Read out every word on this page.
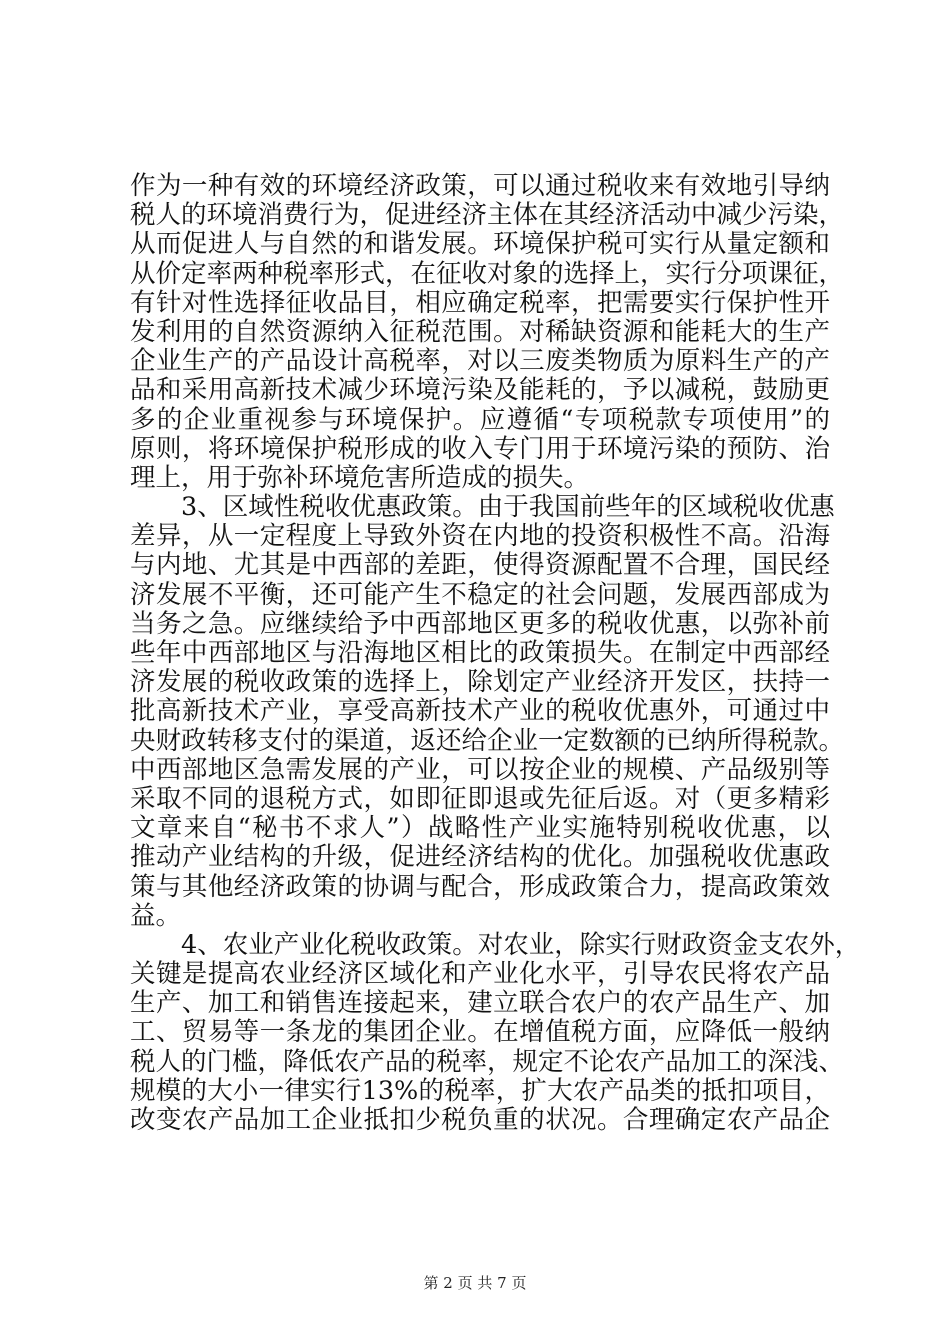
作为一种有效的环境经济政策，可以通过税收来有效地引导纳
税人的环境消费行为，促进经济主体在其经济活动中减少污染，
从而促进人与自然的和谐发展。环境保护税可实行从量定额和
从价定率两种税率形式，在征收对象的选择上，实行分项课征，
有针对性选择征收品目，相应确定税率，把需要实行保护性开
发利用的自然资源纳入征税范围。对稀缺资源和能耗大的生产
企业生产的产品设计高税率，对以三废类物质为原料生产的产
品和采用高新技术减少环境污染及能耗的，予以减税，鼓励更
多的企业重视参与环境保护。应遵循“专项税款专项使用”的
原则，将环境保护税形成的收入专门用于环境污染的预防、治
理上，用于弥补环境危害所造成的损失。
3、区域性税收优惠政策。由于我国前些年的区域税收优惠
差异，从一定程度上导致外资在内地的投资积极性不高。沿海
与内地、尤其是中西部的差距，使得资源配置不合理，国民经
济发展不平衡，还可能产生不稳定的社会问题，发展西部成为
当务之急。应继续给予中西部地区更多的税收优惠，以弥补前
些年中西部地区与沿海地区相比的政策损失。在制定中西部经
济发展的税收政策的选择上，除划定产业经济开发区，扶持一
批高新技术产业，享受高新技术产业的税收优惠外，可通过中
央财政转移支付的渠道，返还给企业一定数额的已纳所得税款。
中西部地区急需发展的产业，可以按企业的规模、产品级别等
采取不同的退税方式，如即征即退或先征后返。对（更多精彩
文章来自“秘书不求人”）战略性产业实施特别税收优惠，以
推动产业结构的升级，促进经济结构的优化。加强税收优惠政
策与其他经济政策的协调与配合，形成政策合力，提高政策效
益。
4、农业产业化税收政策。对农业，除实行财政资金支农外，
关键是提高农业经济区域化和产业化水平，引导农民将农产品
生产、加工和销售连接起来，建立联合农户的农产品生产、加
工、贸易等一条龙的集团企业。在增值税方面，应降低一般纳
税人的门槛，降低农产品的税率，规定不论农产品加工的深浅、
规模的大小一律实行13%的税率，扩大农产品类的抵扣项目，
改变农产品加工企业抵扣少税负重的状况。合理确定农产品企
第 2 页 共 7 页
